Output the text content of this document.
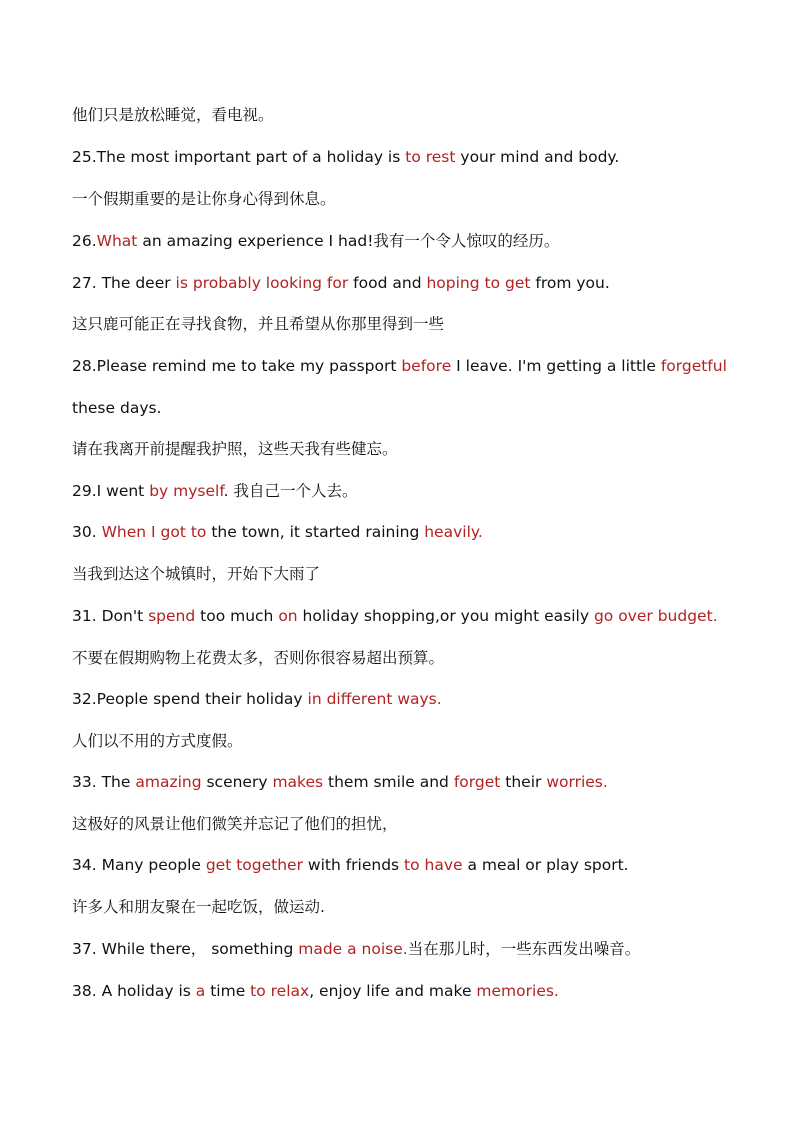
他们只是放松睡觉，看电视。
25.The most important part of a holiday is to rest your mind and body.
一个假期重要的是让你身心得到休息。
26.What an amazing experience I had!我有一个令人惊叹的经历。
27. The deer is probably looking for food and hoping to get from you.
这只鹿可能正在寻找食物，并且希望从你那里得到一些
28.Please remind me to take my passport before I leave. I'm getting a little forgetful
these days.
请在我离开前提醒我护照，这些天我有些健忘。
29.I went by myself. 我自己一个人去。
30. When I got to the town, it started raining heavily.
当我到达这个城镇时，开始下大雨了
31. Don't spend too much on holiday shopping,or you might easily go over budget.
不要在假期购物上花费太多，否则你很容易超出预算。
32.People spend their holiday in different ways.
人们以不用的方式度假。
33. The amazing scenery makes them smile and forget their worries.
这极好的风景让他们微笑并忘记了他们的担忧，
34. Many people get together with friends to have a meal or play sport.
许多人和朋友聚在一起吃饭，做运动.
37. While there， something made a noise.当在那儿时，一些东西发出噪音。
38. A holiday is a time to relax, enjoy life and make memories.
